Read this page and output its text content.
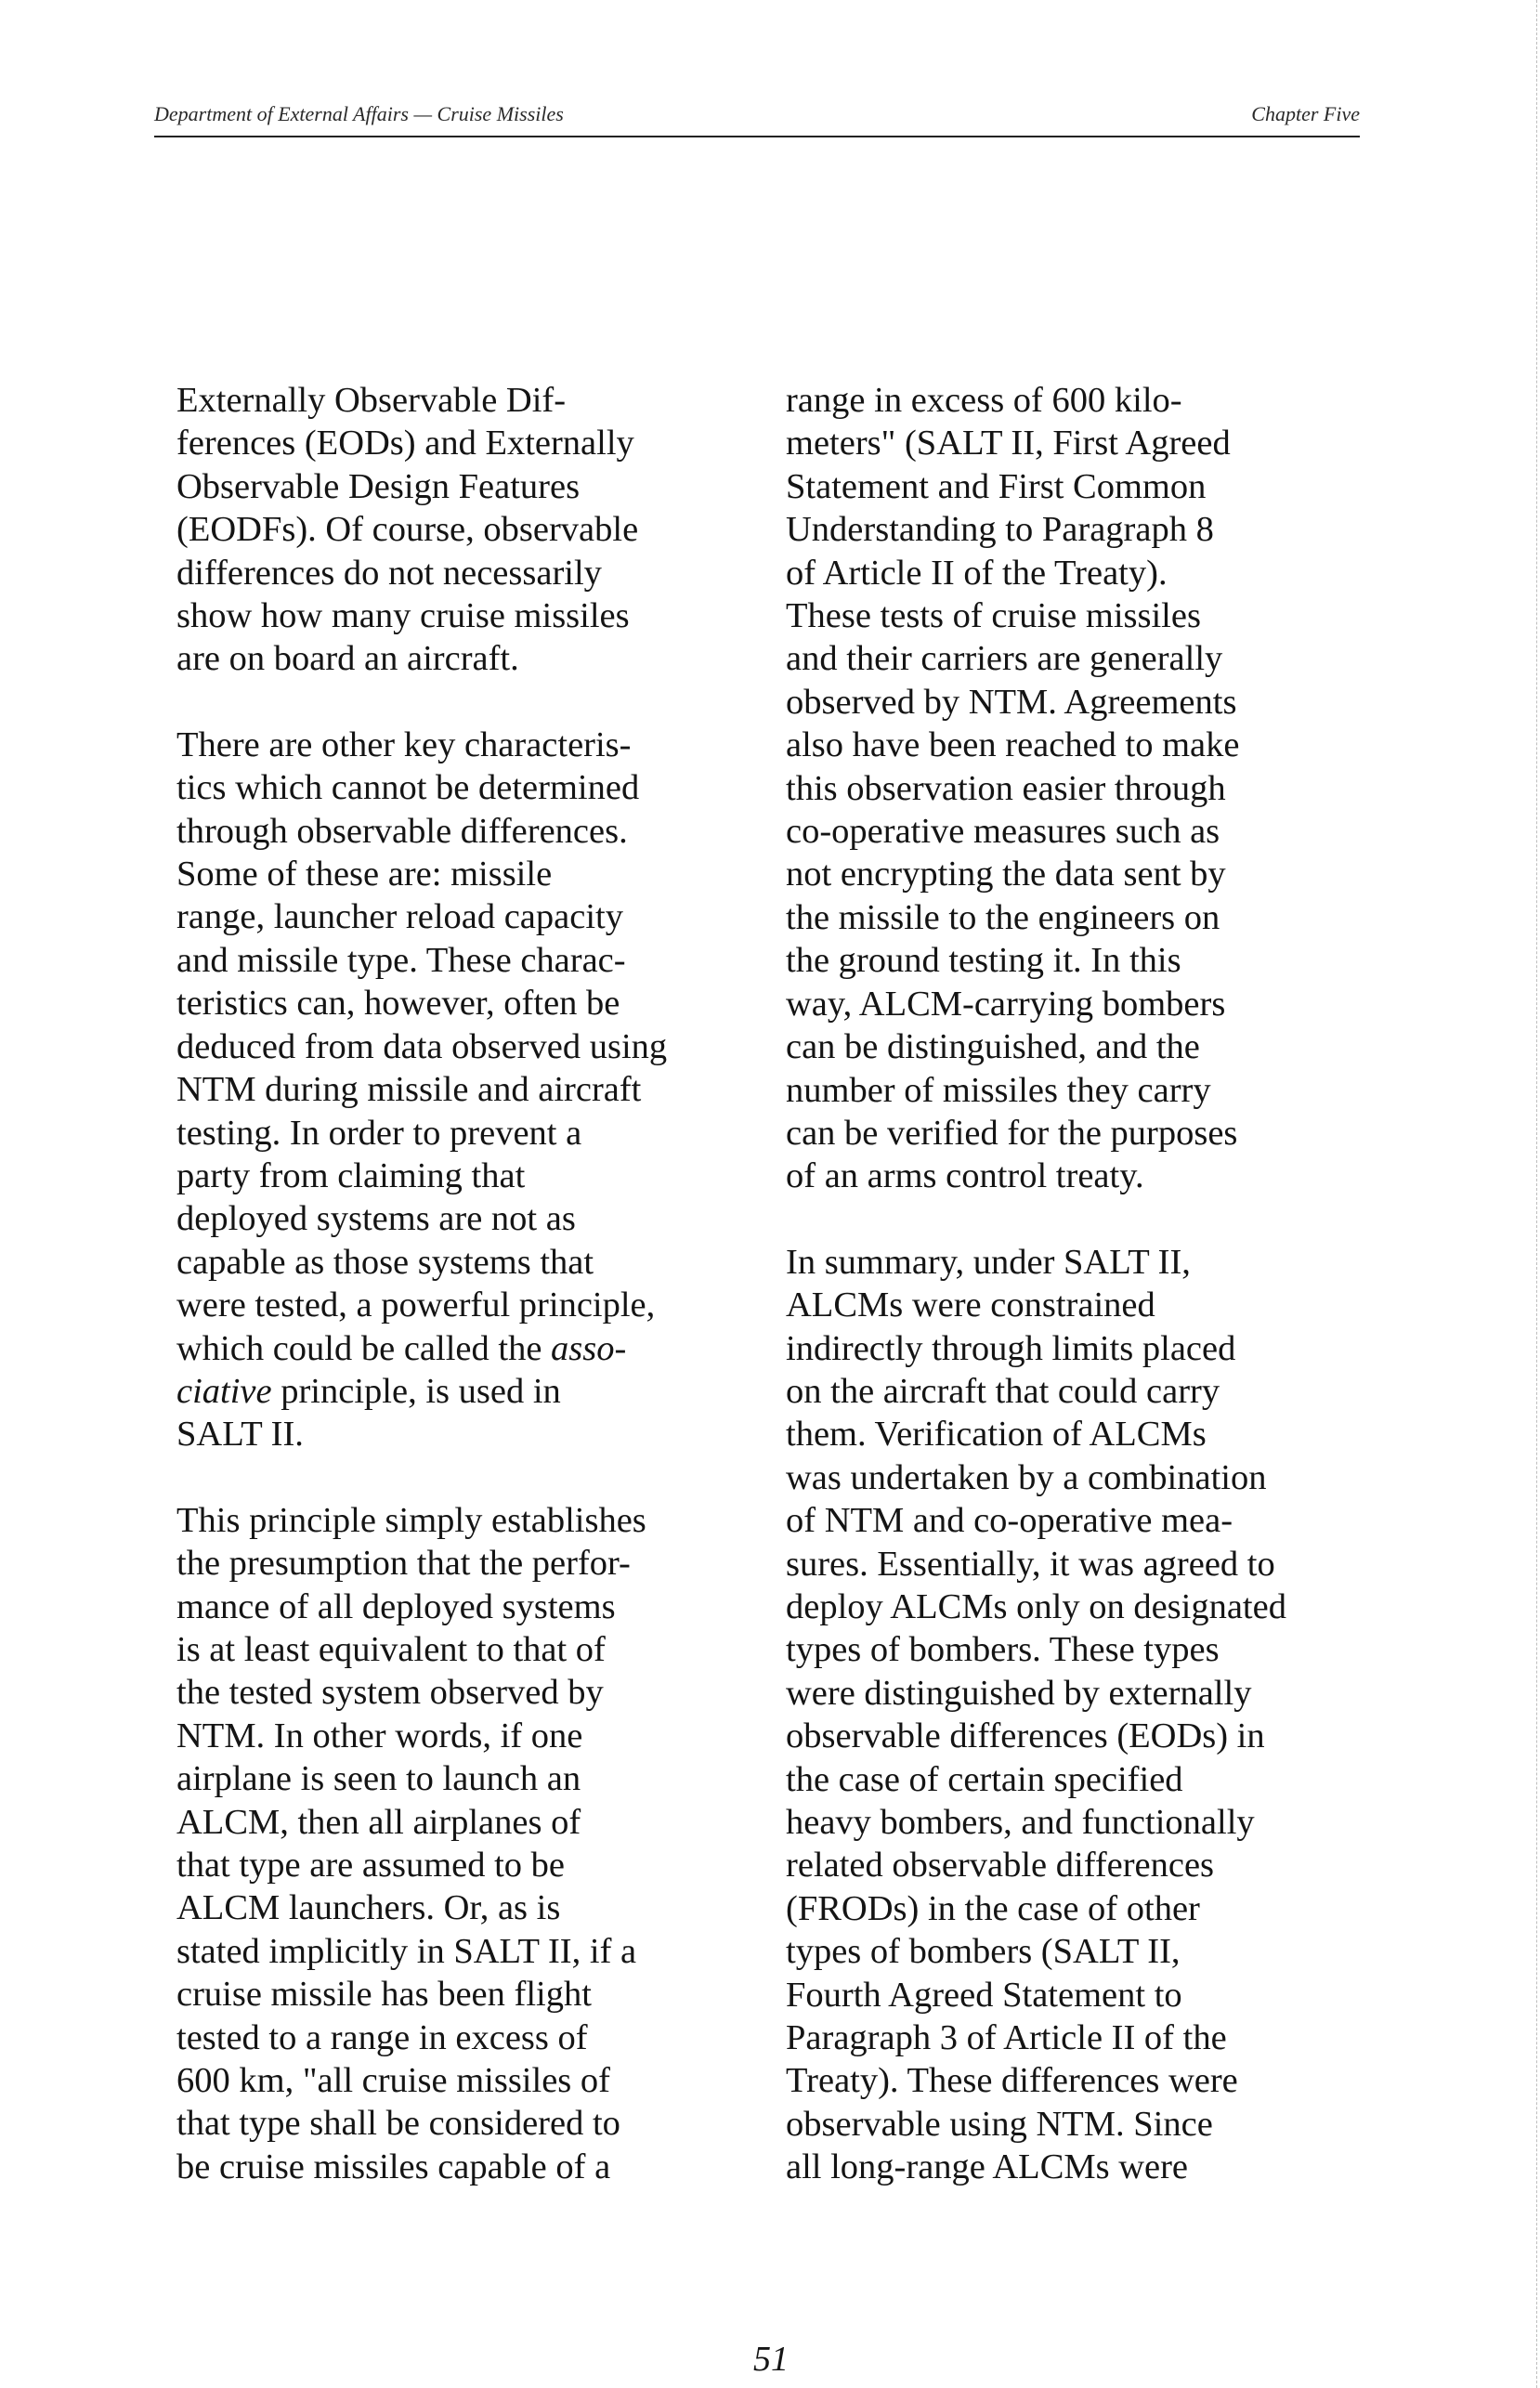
Department of External Affairs — Cruise Missiles	Chapter Five

Externally Observable Dif-
ferences (EODs) and Externally
Observable Design Features
(EODFs). Of course, observable
differences do not necessarily
show how many cruise missiles
are on board an aircraft.

There are other key characteris-
tics which cannot be determined
through observable differences.
Some of these are: missile
range, launcher reload capacity
and missile type. These charac-
teristics can, however, often be
deduced from data observed using
NTM during missile and aircraft
testing. In order to prevent a
party from claiming that
deployed systems are not as
capable as those systems that
were tested, a powerful principle,
which could be called the asso-
ciative principle, is used in
SALT II.

This principle simply establishes
the presumption that the perfor-
mance of all deployed systems
is at least equivalent to that of
the tested system observed by
NTM. In other words, if one
airplane is seen to launch an
ALCM, then all airplanes of
that type are assumed to be
ALCM launchers. Or, as is
stated implicitly in SALT II, if a
cruise missile has been flight
tested to a range in excess of
600 km, "all cruise missiles of
that type shall be considered to
be cruise missiles capable of a

range in excess of 600 kilo-
meters" (SALT II, First Agreed
Statement and First Common
Understanding to Paragraph 8
of Article II of the Treaty).
These tests of cruise missiles
and their carriers are generally
observed by NTM. Agreements
also have been reached to make
this observation easier through
co-operative measures such as
not encrypting the data sent by
the missile to the engineers on
the ground testing it. In this
way, ALCM-carrying bombers
can be distinguished, and the
number of missiles they carry
can be verified for the purposes
of an arms control treaty.

In summary, under SALT II,
ALCMs were constrained
indirectly through limits placed
on the aircraft that could carry
them. Verification of ALCMs
was undertaken by a combination
of NTM and co-operative mea-
sures. Essentially, it was agreed to
deploy ALCMs only on designated
types of bombers. These types
were distinguished by externally
observable differences (EODs) in
the case of certain specified
heavy bombers, and functionally
related observable differences
(FRODs) in the case of other
types of bombers (SALT II,
Fourth Agreed Statement to
Paragraph 3 of Article II of the
Treaty). These differences were
observable using NTM. Since
all long-range ALCMs were

51
